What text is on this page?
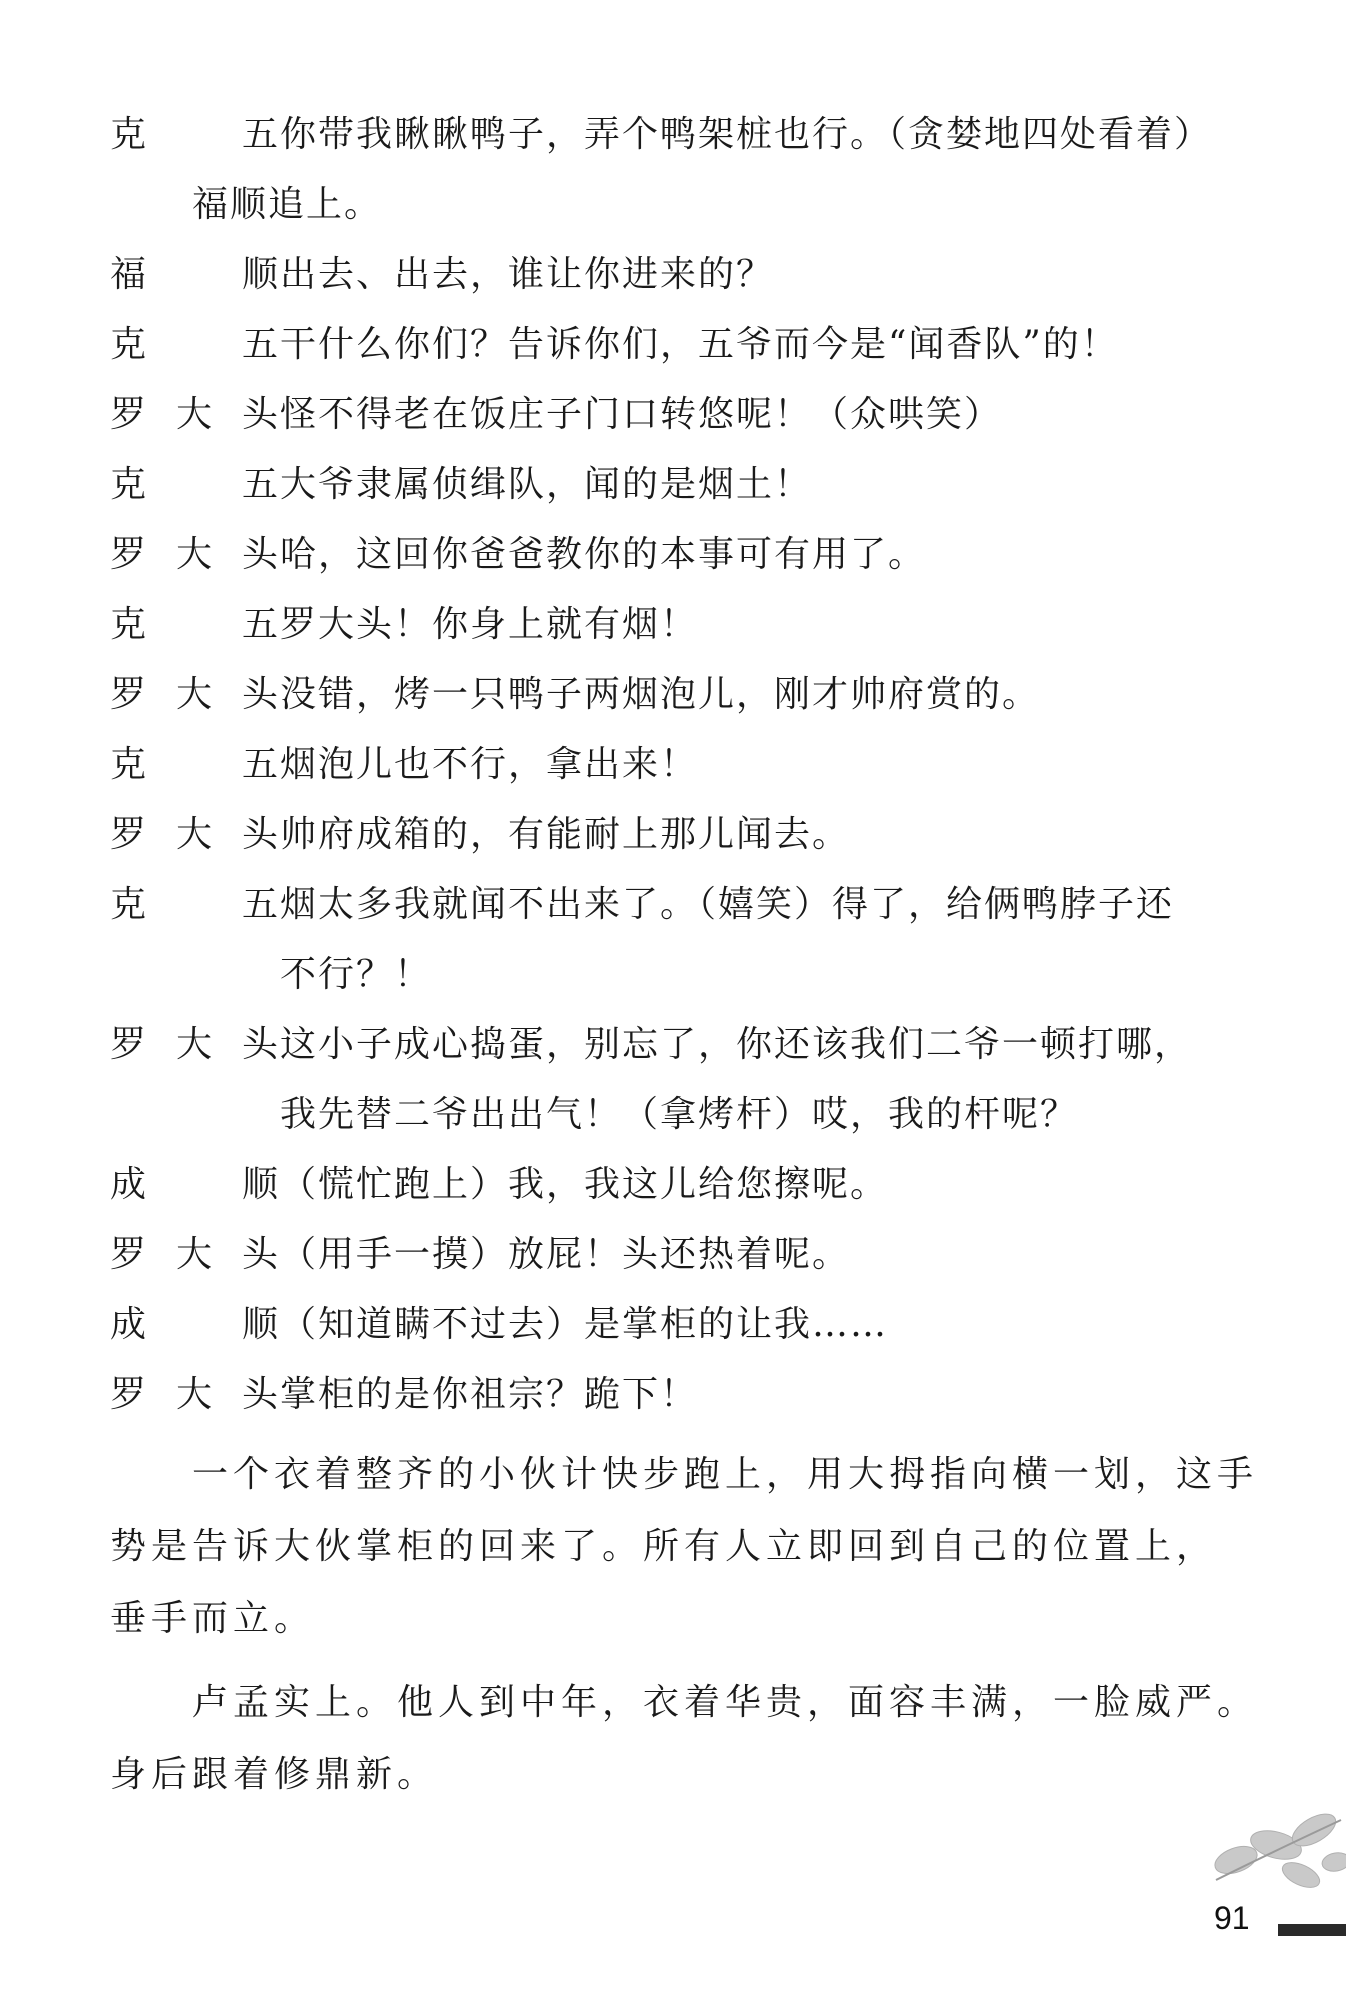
克　五你带我瞅瞅鸭子，弄个鸭架桩也行。（贪婪地四处看着）
福顺追上。
福　顺出去、出去，谁让你进来的？
克　五干什么你们？告诉你们，五爷而今是“闻香队”的！
罗大头怪不得老在饭庄子门口转悠呢！（众哄笑）
克　五大爷隶属侦缉队，闻的是烟土！
罗大头哈，这回你爸爸教你的本事可有用了。
克　五罗大头！你身上就有烟！
罗大头没错，烤一只鸭子两烟泡儿，刚才帅府赏的。
克　五烟泡儿也不行，拿出来！
罗大头帅府成箱的，有能耐上那儿闻去。
克　五烟太多我就闻不出来了。（嬉笑）得了，给俩鸭脖子还
不行？！
罗大头这小子成心捣蛋，别忘了，你还该我们二爷一顿打哪，
我先替二爷出出气！（拿烤杆）哎，我的杆呢？
成　顺（慌忙跑上）我，我这儿给您擦呢。
罗大头（用手一摸）放屁！头还热着呢。
成　顺（知道瞒不过去）是掌柜的让我……
罗大头掌柜的是你祖宗？跪下！
一个衣着整齐的小伙计快步跑上，用大拇指向横一划，这手
势是告诉大伙掌柜的回来了。所有人立即回到自己的位置上，
垂手而立。
卢孟实上。他人到中年，衣着华贵，面容丰满，一脸威严。
身后跟着修鼎新。
91
